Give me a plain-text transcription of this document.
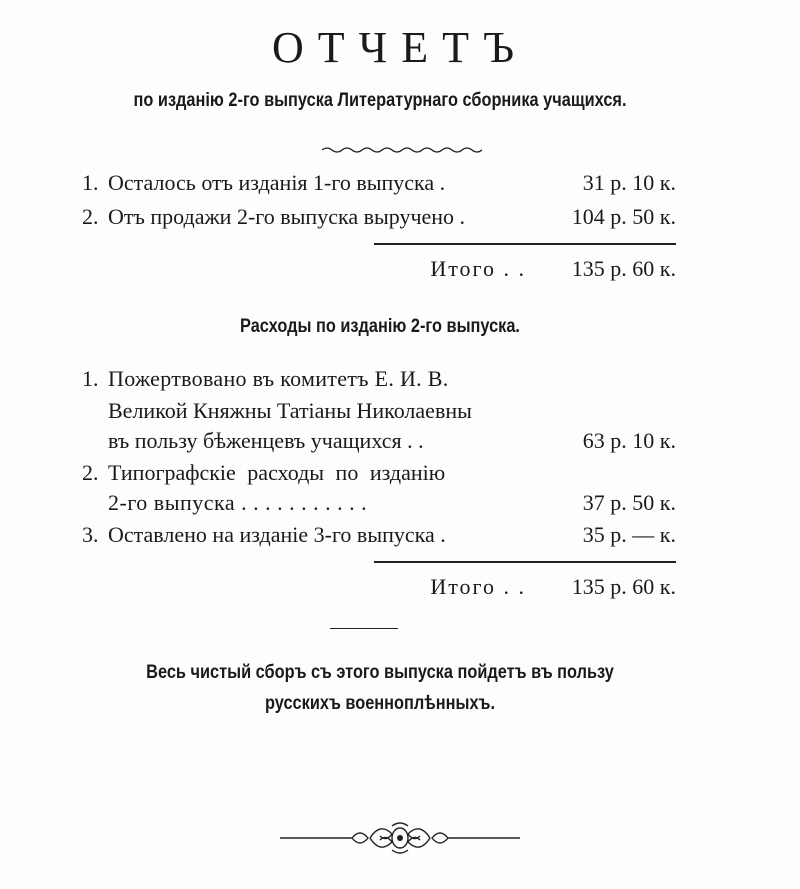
ОТЧЕТЪ
по изданію 2-го выпуска Литературнаго сборника учащихся.
1. Осталось отъ изданія 1-го выпуска .	31 р. 10 к.
2. Отъ продажи 2-го выпуска выручено .	104 р. 50 к.
Итого . . 135 р. 60 к.
Расходы по изданію 2-го выпуска.
1. Пожертвовано въ комитетъ Е. И. В.
Великой Княжны Татіаны Николаевны
въ пользу бѣженцевъ учащихся . .	63 р. 10 к.
2. Типографскіе расходы по изданію
2-го выпуска . . . . . . . . . . .	37 р. 50 к.
3. Оставлено на изданіе 3-го выпуска .	35 р. — к.
Итого . . 135 р. 60 к.
Весь чистый сборъ съ этого выпуска пойдетъ въ пользу
русскихъ военноплѣнныхъ.
